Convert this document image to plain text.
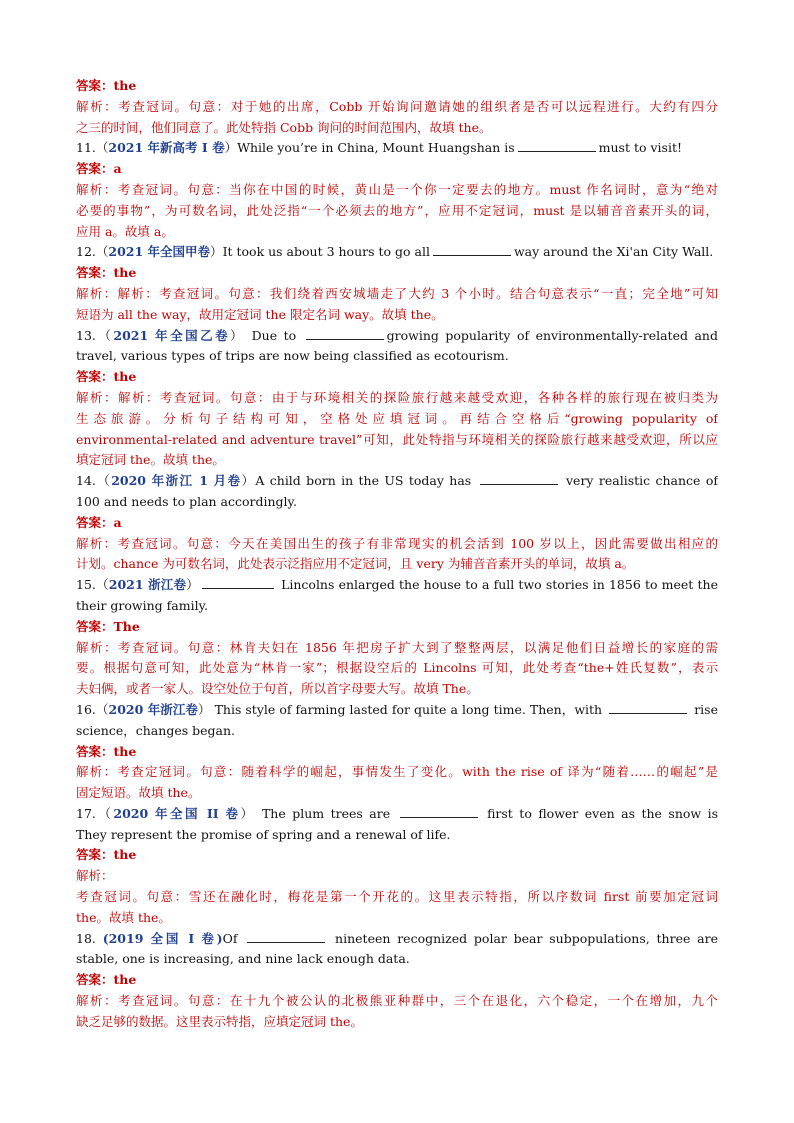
答案：the
解析：考查冠词。句意：对于她的出席，Cobb 开始询问邀请她的组织者是否可以远程进行。大约有四分
之三的时间，他们同意了。此处特指 Cobb 询问的时间范围内，故填 the。
11.（2021 年新高考 I 卷）While you’re in China, Mount Huangshan is	must to visit!
答案：a
解析：考查冠词。句意：当你在中国的时候，黄山是一个你一定要去的地方。must 作名词时，意为“绝对
必要的事物”，为可数名词，此处泛指“一个必须去的地方”，应用不定冠词，must 是以辅音音素开头的词，
应用 a。故填 a。
12.（2021 年全国甲卷）It took us about 3 hours to go all	way around the Xi'an City Wall.
答案：the
解析：解析：考查冠词。句意：我们绕着西安城墙走了大约 3 个小时。结合句意表示“一直；完全地”可知
短语为 all the way，故用定冠词 the 限定名词 way。故填 the。
13.（2021 年全国乙卷） Due to	growing popularity of environmentally-related and
travel, various types of trips are now being classified as ecotourism.
答案：the
解析：解析：考查冠词。句意：由于与环境相关的探险旅行越来越受欢迎，各种各样的旅行现在被归类为
生态旅游。分析句子结构可知，空格处应填冠词。再结合空格后“growing popularity of
environmental-related and adventure travel”可知，此处特指与环境相关的探险旅行越来越受欢迎，所以应
填定冠词 the。故填 the。
14.（2020 年浙江 1 月卷）A child born in the US today has	very realistic chance of
100 and needs to plan accordingly.
答案：a
解析：考查冠词。句意：今天在美国出生的孩子有非常现实的机会活到 100 岁以上，因此需要做出相应的
计划。chance 为可数名词，此处表示泛指应用不定冠词，且 very 为辅音音素开头的单词，故填 a。
15.（2021 浙江卷）	Lincolns enlarged the house to a full two stories in 1856 to meet the
their growing family.
答案：The
解析：考查冠词。句意：林肯夫妇在 1856 年把房子扩大到了整整两层，以满足他们日益增长的家庭的需
要。根据句意可知，此处意为“林肯一家”；根据设空后的 Lincolns 可知，此处考查“the+姓氏复数”，表示
夫妇俩，或者一家人。设空处位于句首，所以首字母要大写。故填 The。
16.（2020 年浙江卷） This style of farming lasted for quite a long time. Then，with	rise
science，changes began.
答案：the
解析：考查定冠词。句意：随着科学的崛起，事情发生了变化。with the rise of 译为“随着……的崛起”是
固定短语。故填 the。
17.（2020 年全国 II 卷） The plum trees are	first to flower even as the snow is
They represent the promise of spring and a renewal of life.
答案：the
解析：
考查冠词。句意：雪还在融化时，梅花是第一个开花的。这里表示特指，所以序数词 first 前要加定冠词
the。故填 the。
18. (2019 全国 I 卷)Of	nineteen recognized polar bear subpopulations, three are
stable, one is increasing, and nine lack enough data.
答案：the
解析：考查冠词。句意：在十九个被公认的北极熊亚种群中，三个在退化，六个稳定，一个在增加，九个
缺乏足够的数据。这里表示特指，应填定冠词 the。
